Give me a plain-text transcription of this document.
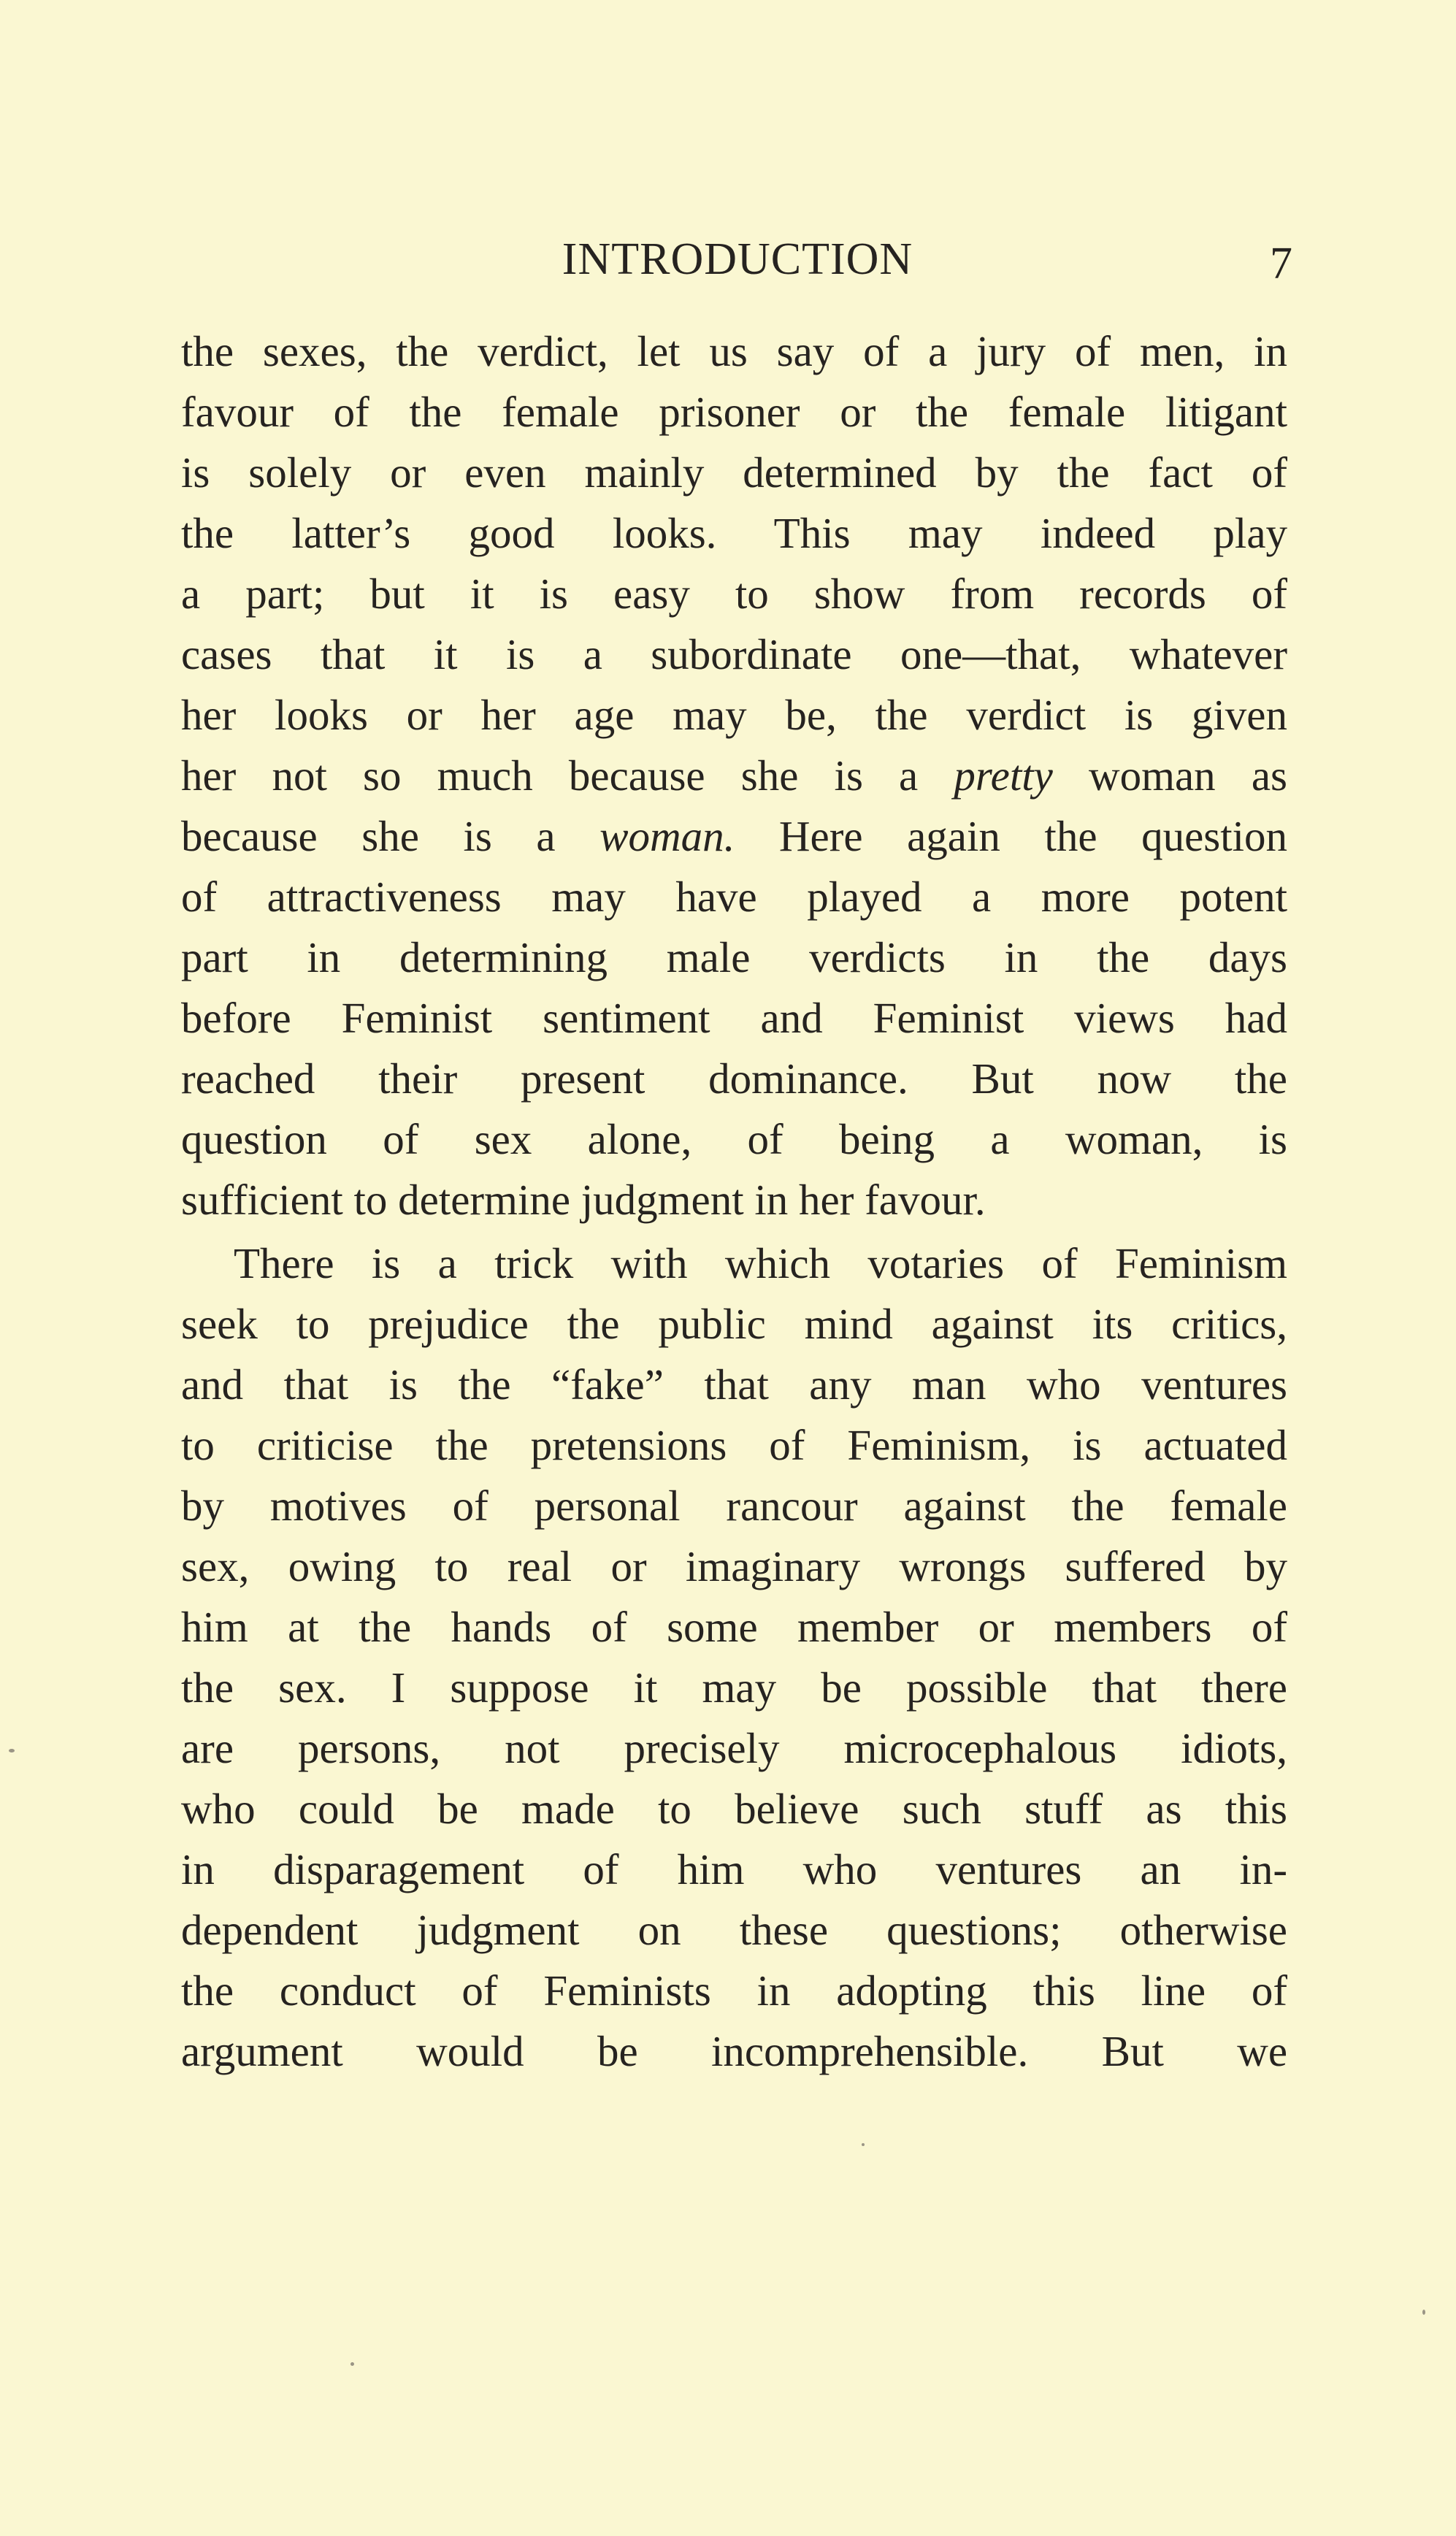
INTRODUCTION	7
the sexes, the verdict, let us say of a jury of men, in
favour of the female prisoner or the female litigant
is solely or even mainly determined by the fact of
the latter’s good looks. This may indeed play
a part; but it is easy to show from records of
cases that it is a subordinate one—that, whatever
her looks or her age may be, the verdict is given
her not so much because she is a pretty woman as
because she is a woman. Here again the question
of attractiveness may have played a more potent
part in determining male verdicts in the days
before Feminist sentiment and Feminist views had
reached their present dominance. But now the
question of sex alone, of being a woman, is
sufficient to determine judgment in her favour.
There is a trick with which votaries of Feminism
seek to prejudice the public mind against its critics,
and that is the “fake” that any man who ventures
to criticise the pretensions of Feminism, is actuated
by motives of personal rancour against the female
sex, owing to real or imaginary wrongs suffered by
him at the hands of some member or members of
the sex. I suppose it may be possible that there
are persons, not precisely microcephalous idiots,
who could be made to believe such stuff as this
in disparagement of him who ventures an in-
dependent judgment on these questions; otherwise
the conduct of Feminists in adopting this line of
argument would be incomprehensible. But we
